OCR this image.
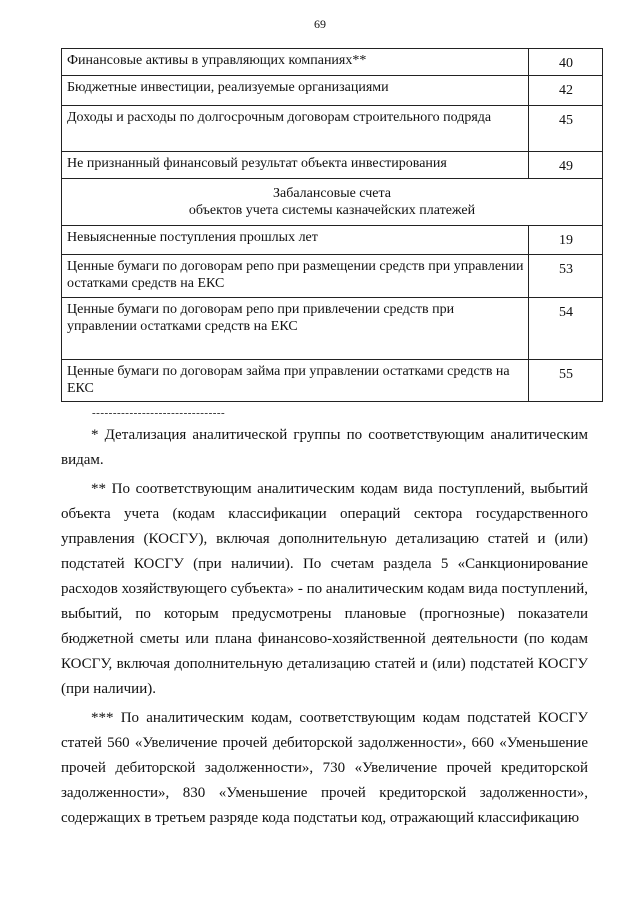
69
Финансовые активы в управляющих компаниях**	40
Бюджетные инвестиции, реализуемые организациями	42
Доходы и расходы по долгосрочным договорам строительного подряда	45
Не признанный финансовый результат объекта инвестирования	49

Забалансовые счета
объектов учета системы казначейских платежей	

Невыясненные поступления прошлых лет	19
Ценные бумаги по договорам репо при размещении средств при управлении остатками средств на ЕКС	53
Ценные бумаги по договорам репо при привлечении средств при управлении остатками средств на ЕКС	54
Ценные бумаги по договорам займа при управлении остатками средств на ЕКС	55
--------------------------------

* Детализация аналитической группы по соответствующим аналитическим видам.

** По соответствующим аналитическим кодам вида поступлений, выбытий объекта учета (кодам классификации операций сектора государственного управления (КОСГУ), включая дополнительную детализацию статей и (или) подстатей КОСГУ (при наличии). По счетам раздела 5 «Санкционирование расходов хозяйствующего субъекта» - по аналитическим кодам вида поступлений, выбытий, по которым предусмотрены плановые (прогнозные) показатели бюджетной сметы или плана финансово-хозяйственной деятельности (по кодам КОСГУ, включая дополнительную детализацию статей и (или) подстатей КОСГУ (при наличии).

*** По аналитическим кодам, соответствующим кодам подстатей КОСГУ статей 560 «Увеличение прочей дебиторской задолженности», 660 «Уменьшение прочей дебиторской задолженности», 730 «Увеличение прочей кредиторской задолженности», 830 «Уменьшение прочей кредиторской задолженности», содержащих в третьем разряде кода подстатьи код, отражающий классификацию
